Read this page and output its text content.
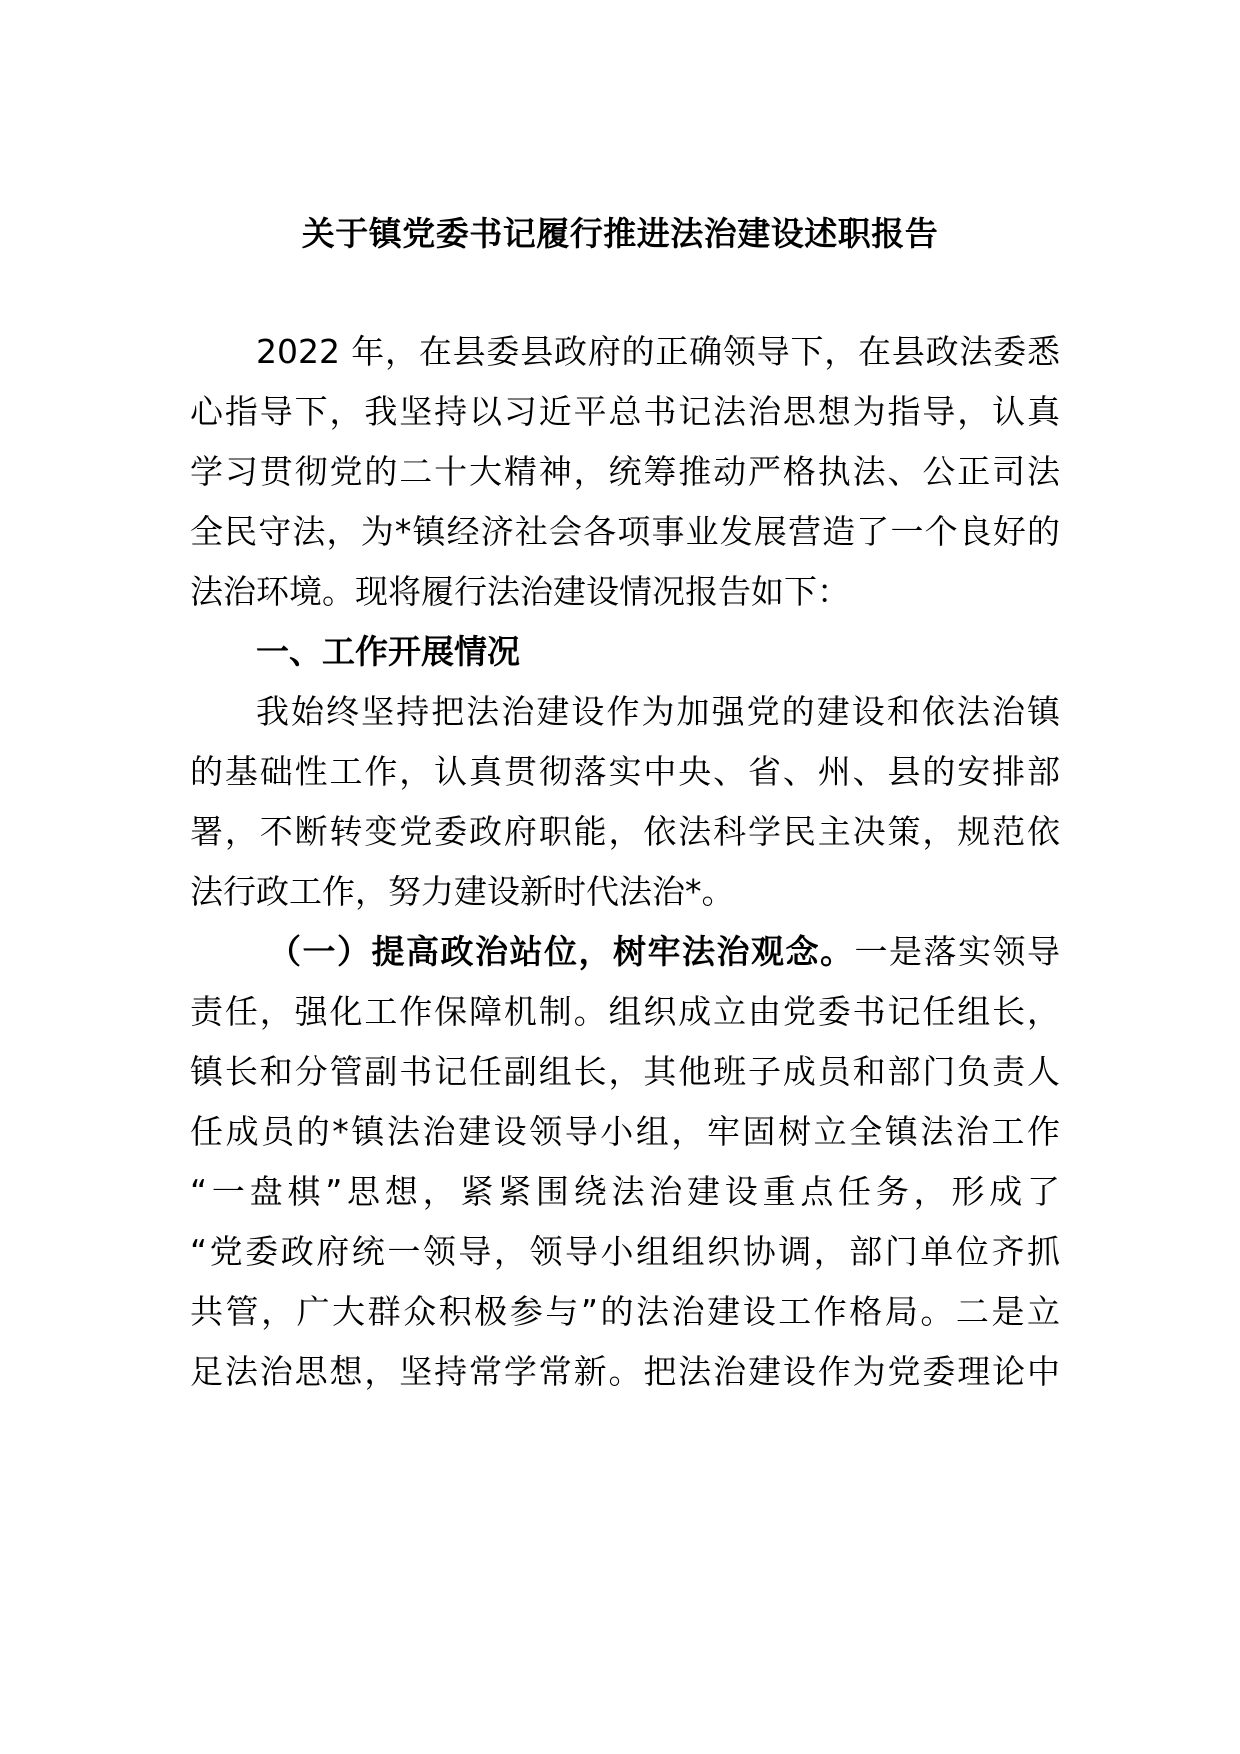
关于镇党委书记履行推进法治建设述职报告
2022 年，在县委县政府的正确领导下，在县政法委悉
心指导下，我坚持以习近平总书记法治思想为指导，认真
学习贯彻党的二十大精神，统筹推动严格执法、公正司法
全民守法，为*镇经济社会各项事业发展营造了一个良好的
法治环境。现将履行法治建设情况报告如下：
一、工作开展情况
我始终坚持把法治建设作为加强党的建设和依法治镇
的基础性工作，认真贯彻落实中央、省、州、县的安排部
署，不断转变党委政府职能，依法科学民主决策，规范依
法行政工作，努力建设新时代法治*。
（一）提高政治站位，树牢法治观念。一是落实领导
责任，强化工作保障机制。组织成立由党委书记任组长，
镇长和分管副书记任副组长，其他班子成员和部门负责人
任成员的*镇法治建设领导小组，牢固树立全镇法治工作
“一盘棋”思想，紧紧围绕法治建设重点任务，形成了
“党委政府统一领导，领导小组组织协调，部门单位齐抓
共管，广大群众积极参与”的法治建设工作格局。二是立
足法治思想，坚持常学常新。把法治建设作为党委理论中
